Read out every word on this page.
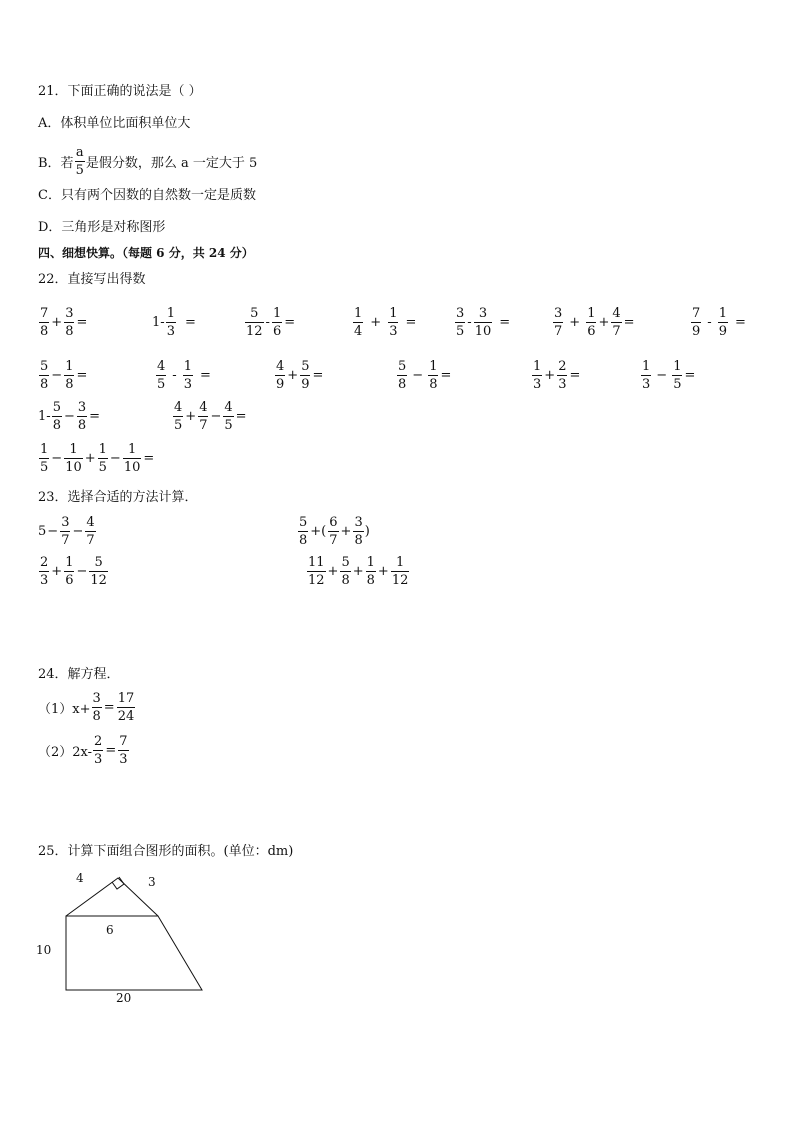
21．下面正确的说法是（ ）
A．体积单位比面积单位大
B．若 $\frac{a}{5}$ 是假分数，那么 a 一定大于 5
C．只有两个因数的自然数一定是质数
D．三角形是对称图形
四、细想快算。（每题 6 分，共 24 分）
22．直接写出得数
$\frac{7}{8} + \frac{3}{8}$ =	$1 - \frac{1}{3}$ =	$\frac{5}{12} - \frac{1}{6}$ =	$\frac{1}{4} + \frac{1}{3}$ =	$\frac{3}{5} - \frac{3}{10}$ =	$\frac{3}{7} + \frac{1}{6} + \frac{4}{7}$ =	$\frac{7}{9} - \frac{1}{9}$ =
$\frac{5}{8} - \frac{1}{8}$ =	$\frac{4}{5} - \frac{1}{3}$ =	$\frac{4}{9} + \frac{5}{9}$ =	$\frac{5}{8} - \frac{1}{8}$ =	$\frac{1}{3} + \frac{2}{3}$ =	$\frac{1}{3} - \frac{1}{5}$ =
$1 - \frac{5}{8} - \frac{3}{8}$ =	$\frac{4}{5} + \frac{4}{7} - \frac{4}{5}$ =
$\frac{1}{5} - \frac{1}{10} + \frac{1}{5} - \frac{1}{10}$ =
23．选择合适的方法计算．
$5 - \frac{3}{7} - \frac{4}{7}$	$\frac{5}{8}$ +( $\frac{6}{7} + \frac{3}{8}$ )
$\frac{2}{3} + \frac{1}{6} - \frac{5}{12}$	$\frac{11}{12} + \frac{5}{8} + \frac{1}{8} + \frac{1}{12}$
24．解方程．
$(1)x+ \frac{3}{8} = \frac{17}{24}$
$(2)2x- \frac{2}{3} = \frac{7}{3}$
25．计算下面组合图形的面积。(单位：dm)
4	3
6
10
20
